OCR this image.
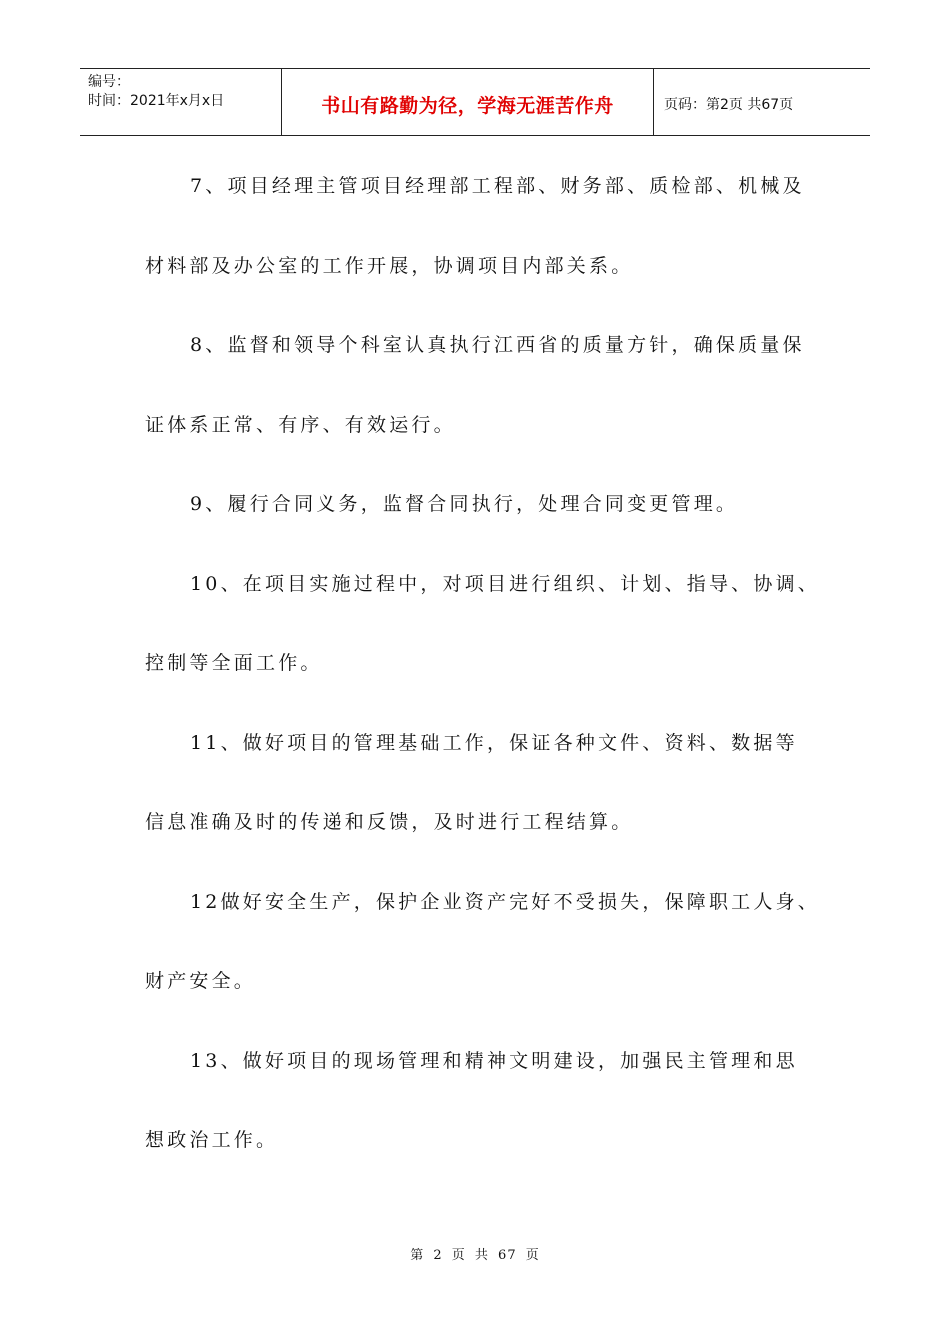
编号：
时间：2021年x月x日	书山有路勤为径，学海无涯苦作舟	页码：第2页 共67页
7、项目经理主管项目经理部工程部、财务部、质检部、机械及
材料部及办公室的工作开展，协调项目内部关系。
8、监督和领导个科室认真执行江西省的质量方针，确保质量保
证体系正常、有序、有效运行。
9、履行合同义务，监督合同执行，处理合同变更管理。
10、在项目实施过程中，对项目进行组织、计划、指导、协调、
控制等全面工作。
11、做好项目的管理基础工作，保证各种文件、资料、数据等
信息准确及时的传递和反馈，及时进行工程结算。
12做好安全生产，保护企业资产完好不受损失，保障职工人身、
财产安全。
13、做好项目的现场管理和精神文明建设，加强民主管理和思
想政治工作。
第 2 页 共 67 页
